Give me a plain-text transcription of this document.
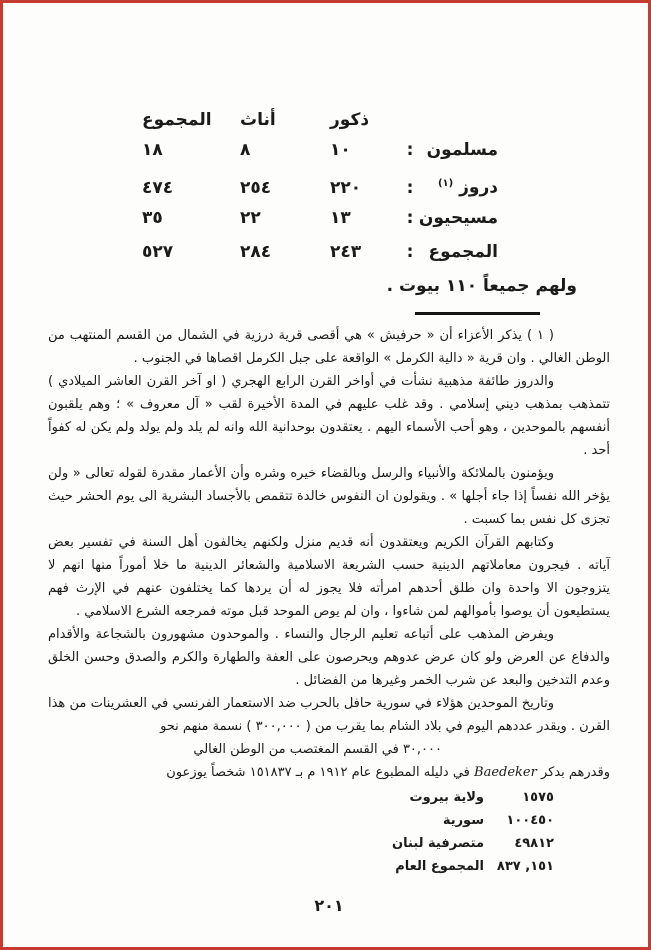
ذكور
أناث
المجموع
مسلمون
:
١٠
٨
١٨
دروز $^{(١)}$
:
٢٢٠
٢٥٤
٤٧٤
مسيحيون
:
١٣
٢٢
٣٥
المجموع
:
٢٤٣
٢٨٤
٥٢٧
ولهم جميعاً ١١٠ بيوت .

( ١ ) يذكر الأعزاء أن « حرفيش » هي أقصى قرية درزية في الشمال من القسم المنتهب من الوطن الغالي . وان قرية « دالية الكرمل » الواقعة على جبل الكرمل اقصاها في الجنوب .

والدروز طائفة مذهبية نشأت في أواخر القرن الرابع الهجري ( او آخر القرن العاشر الميلادي ) تتمذهب بمذهب ديني إسلامي . وقد غلب عليهم في المدة الأخيرة لقب « آل معروف » ؛ وهم يلقبون أنفسهم بالموحدين ، وهو أحب الأسماء اليهم . يعتقدون بوحدانية الله وانه لم يلد ولم يولد ولم يكن له كفواً أحد .

ويؤمنون بالملائكة والأنبياء والرسل وبالقضاء خيره وشره وأن الأعمار مقدرة لقوله تعالى « ولن يؤخر الله نفساً إذا جاء أجلها » . ويقولون ان النفوس خالدة تتقمص بالأجساد البشرية الى يوم الحشر حيث تجزى كل نفس بما كسبت .

وكتابهم القرآن الكريم ويعتقدون أنه قديم منزل ولكنهم يخالفون أهل السنة في تفسير بعض آياته . فيجرون معاملاتهم الدينية حسب الشريعة الاسلامية والشعائر الدينية ما خلا أموراً منها انهم لا يتزوجون الا واحدة وان طلق أحدهم امرأته فلا يجوز له أن يردها كما يختلفون عنهم في الإرث فهم يستطيعون أن يوصوا بأموالهم لمن شاءوا ، وان لم يوص الموحد قبل موته فمرجعه الشرع الاسلامي .

ويفرض المذهب على أتباعه تعليم الرجال والنساء . والموحدون مشهورون بالشجاعة والأقدام والدفاع عن العرض ولو كان عرض عدوهم ويحرصون على العفة والطهارة والكرم والصدق وحسن الخلق وعدم التدخين والبعد عن شرب الخمر وغيرها من الفضائل .

وتاريخ الموحدين هؤلاء في سورية حافل بالحرب ضد الاستعمار الفرنسي في العشرينات من هذا القرن . ويقدر عددهم اليوم في بلاد الشام بما يقرب من ( ٣٠٠,٠٠٠ ) نسمة منهم نحو

٣٠,٠٠٠ في القسم المغتصب من الوطن الغالي

وقدرهم بدكر Baedeker في دليله المطبوع عام ١٩١٢ م بـ ١٥١٨٣٧ شخصاً يوزعون

١٥٧٥
ولاية بيروت
١٠٠٤٥٠
سورية
٤٩٨١٢
متصرفية لبنان
١٥١, ٨٣٧
المجموع العام
٢٠١
